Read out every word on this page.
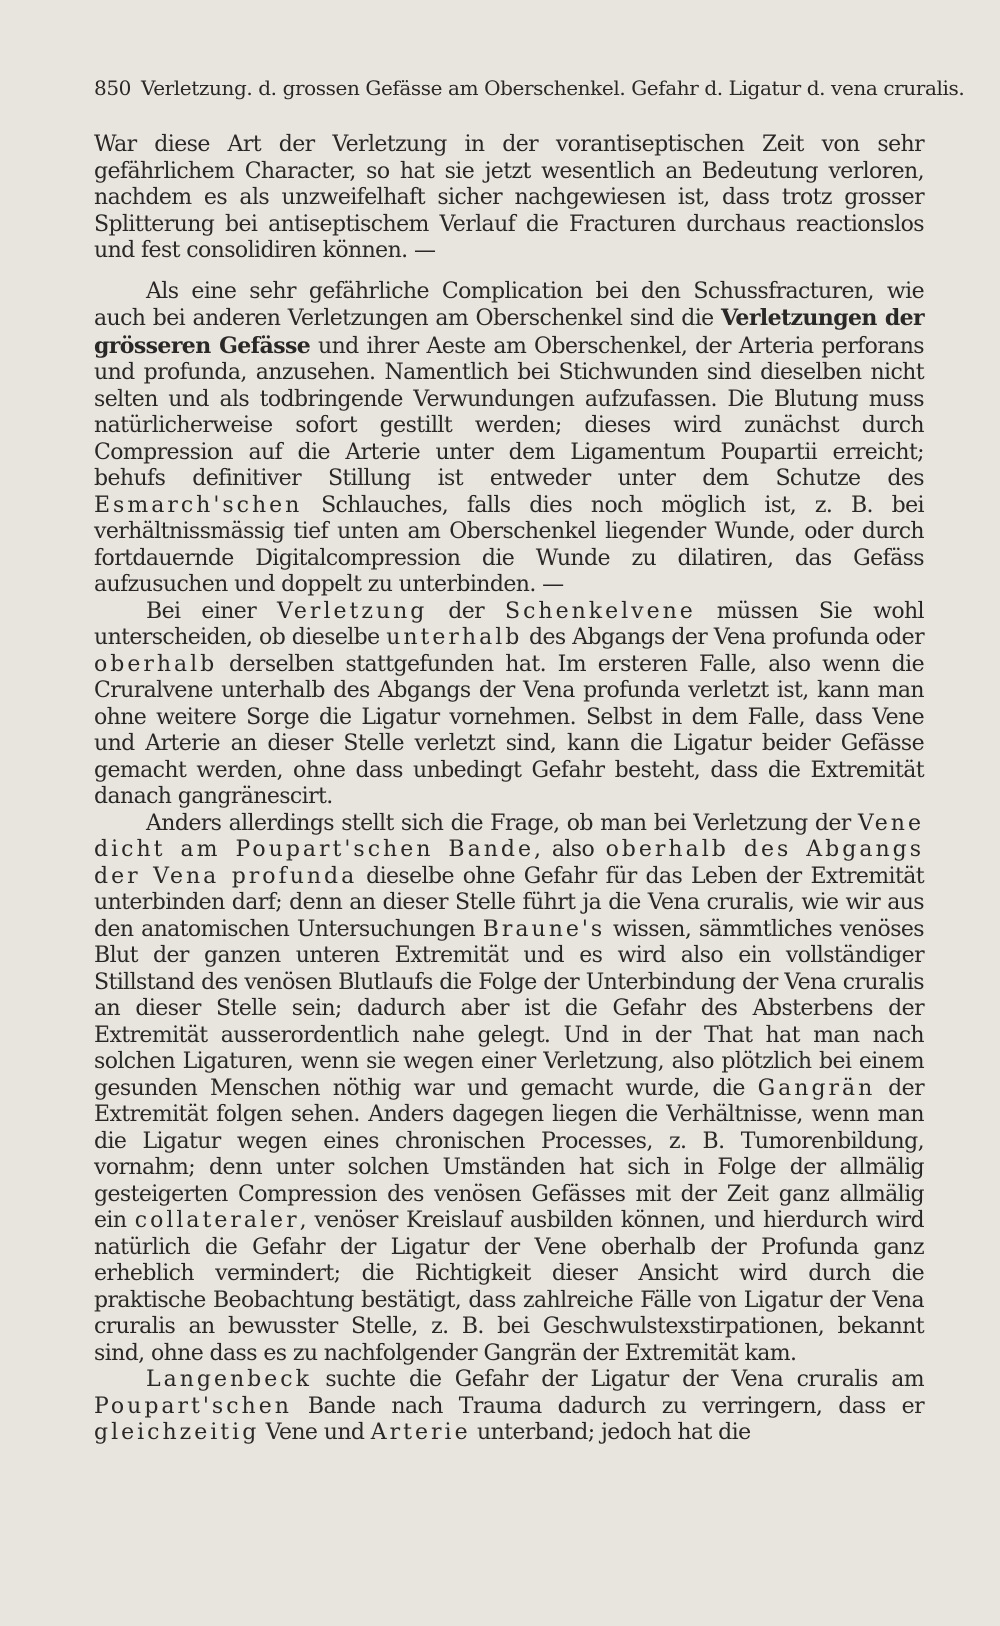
850 Verletzung. d. grossen Gefässe am Oberschenkel. Gefahr d. Ligatur d. vena cruralis.

War diese Art der Verletzung in der vorantiseptischen Zeit von sehr gefährlichem Character, so hat sie jetzt wesentlich an Bedeutung verloren, nachdem es als unzweifelhaft sicher nachgewiesen ist, dass trotz grosser Splitterung bei antiseptischem Verlauf die Fracturen durchaus reactionslos und fest consolidiren können. —

Als eine sehr gefährliche Complication bei den Schussfracturen, wie auch bei anderen Verletzungen am Oberschenkel sind die Verletzungen der grösseren Gefässe und ihrer Aeste am Oberschenkel, der Arteria perforans und profunda, anzusehen. Namentlich bei Stichwunden sind dieselben nicht selten und als todbringende Verwundungen aufzufassen. Die Blutung muss natürlicherweise sofort gestillt werden; dieses wird zunächst durch Compression auf die Arterie unter dem Ligamentum Poupartii erreicht; behufs definitiver Stillung ist entweder unter dem Schutze des Esmarch'schen Schlauches, falls dies noch möglich ist, z. B. bei verhältnissmässig tief unten am Oberschenkel liegender Wunde, oder durch fortdauernde Digitalcompression die Wunde zu dilatiren, das Gefäss aufzusuchen und doppelt zu unterbinden. —

Bei einer Verletzung der Schenkelvene müssen Sie wohl unterscheiden, ob dieselbe unterhalb des Abgangs der Vena profunda oder oberhalb derselben stattgefunden hat. Im ersteren Falle, also wenn die Cruralvene unterhalb des Abgangs der Vena profunda verletzt ist, kann man ohne weitere Sorge die Ligatur vornehmen. Selbst in dem Falle, dass Vene und Arterie an dieser Stelle verletzt sind, kann die Ligatur beider Gefässe gemacht werden, ohne dass unbedingt Gefahr besteht, dass die Extremität danach gangränescirt.

Anders allerdings stellt sich die Frage, ob man bei Verletzung der Vene dicht am Poupart'schen Bande, also oberhalb des Abgangs der Vena profunda dieselbe ohne Gefahr für das Leben der Extremität unterbinden darf; denn an dieser Stelle führt ja die Vena cruralis, wie wir aus den anatomischen Untersuchungen Braune's wissen, sämmtliches venöses Blut der ganzen unteren Extremität und es wird also ein vollständiger Stillstand des venösen Blutlaufs die Folge der Unterbindung der Vena cruralis an dieser Stelle sein; dadurch aber ist die Gefahr des Absterbens der Extremität ausserordentlich nahe gelegt. Und in der That hat man nach solchen Ligaturen, wenn sie wegen einer Verletzung, also plötzlich bei einem gesunden Menschen nöthig war und gemacht wurde, die Gangrän der Extremität folgen sehen. Anders dagegen liegen die Verhältnisse, wenn man die Ligatur wegen eines chronischen Processes, z. B. Tumorenbildung, vornahm; denn unter solchen Umständen hat sich in Folge der allmälig gesteigerten Compression des venösen Gefässes mit der Zeit ganz allmälig ein collateraler, venöser Kreislauf ausbilden können, und hierdurch wird natürlich die Gefahr der Ligatur der Vene oberhalb der Profunda ganz erheblich vermindert; die Richtigkeit dieser Ansicht wird durch die praktische Beobachtung bestätigt, dass zahlreiche Fälle von Ligatur der Vena cruralis an bewusster Stelle, z. B. bei Geschwulstexstirpationen, bekannt sind, ohne dass es zu nachfolgender Gangrän der Extremität kam.

Langenbeck suchte die Gefahr der Ligatur der Vena cruralis am Poupart'schen Bande nach Trauma dadurch zu verringern, dass er gleichzeitig Vene und Arterie unterband; jedoch hat die
